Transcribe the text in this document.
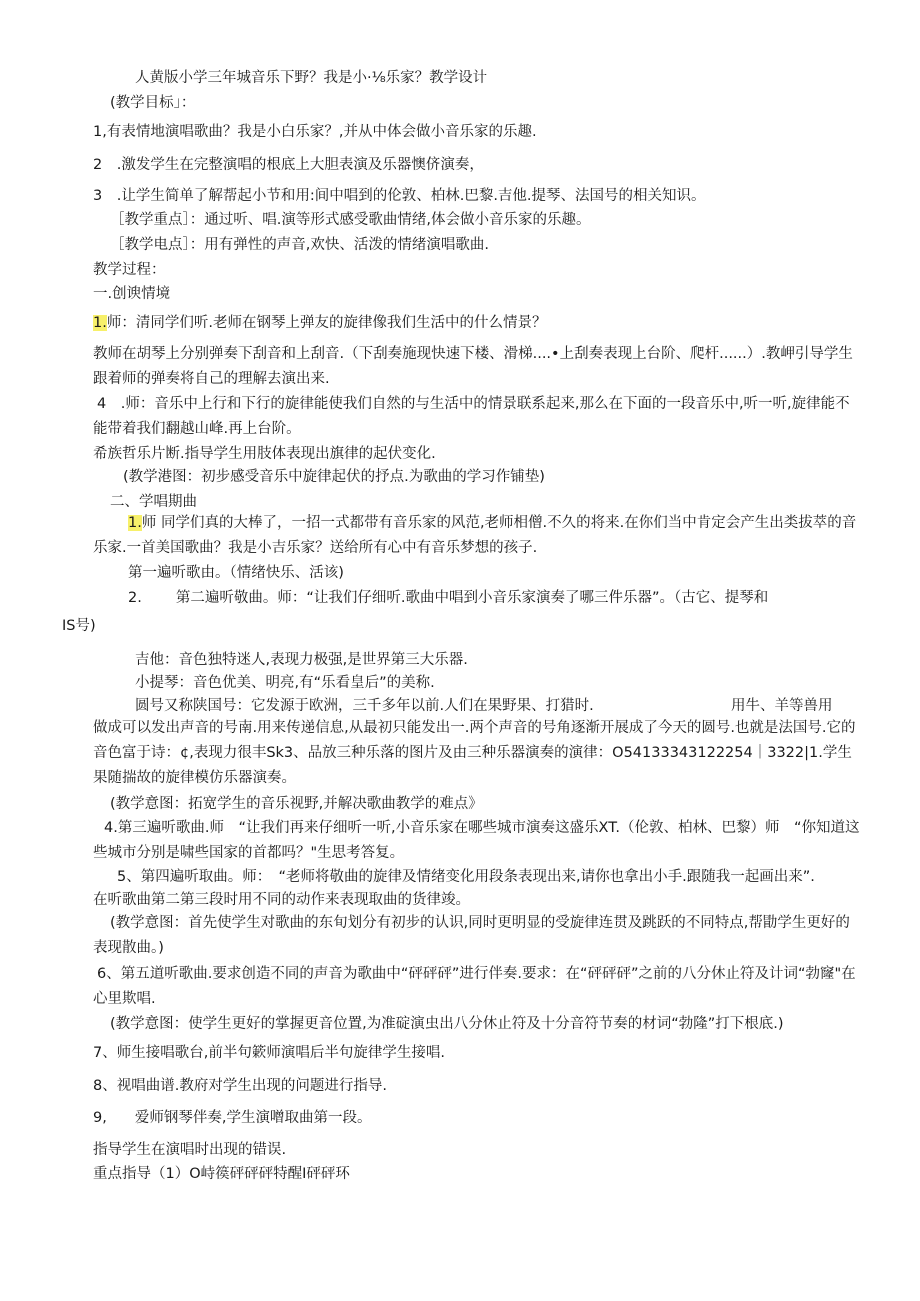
人黄版小学三年城音乐下野？我是小·⅛乐家？教学设计
(教学目标」：
1,有表情地演唱歌曲？我是小白乐家？,并从中体会做小音乐家的乐趣.
2　.激发学生在完整演唱的根底上大胆表演及乐器懊侪演奏，
3　.让学生简单了解帮起小节和用:间中唱到的伦敦、柏林.巴黎.吉他.提琴、法国号的相关知识。
［教学重点］：通过听、唱.演等形式感受歌曲情绪,体会做小音乐家的乐趣。
［教学电点］：用有弹性的声音,欢快、活泼的情绪演唱歌曲.
教学过程：
一.创谀情境
1.师：清同学们听.老师在钢琴上弹友的旋律像我们生活中的什么情景？
教师在胡琴上分别弹奏下刮音和上刮音.（下刮奏施现快速下楼、滑梯....•上刮奏表现上台阶、爬杆......）.教岬引导学生跟着师的弹奏将自己的理解去演出来.
4　.师：音乐中上行和下行的旋律能使我们自然的与生活中的情景联系起来,那么在下面的一段音乐中,听一听,旋律能不能带着我们翻越山峰.再上台阶。
希族哲乐片断.指导学生用肢体表现出旗律的起伏变化.
(教学港图：初步感受音乐中旋律起伏的抒点.为歌曲的学习作铺垫)
二、学唱期曲
1.师 同学们真的大棒了，一招一式都带有音乐家的风范,老师相僧.不久的将来.在你们当中肯定会产生出类拔萃的音乐家.一首美国歌曲？我是小吉乐家？送给所有心中有音乐梦想的孩子.
第一遍听歌由。（情绪快乐、活该)
2. 第二遍听敬曲。师：“让我们仔细听.歌曲中唱到小音乐家演奏了哪三件乐器”。（古它、提琴和
IS号)
吉他：音色独特迷人,表现力极强,是世界第三大乐器.
小提琴：音色优美、明亮,有“乐看皇后”的美称.
圆号又称陕国号：它发源于欧洲，三千多年以前.人们在果野果、打猎时.	用牛、羊等兽用
做成可以发出声音的号南.用来传递信息,从最初只能发出一.两个声音的号角逐渐开展成了今天的圆号.也就是法国号.它的音色富于诗：¢,表现力很丰Sk3、品放三种乐落的图片及由三种乐器演奏的演律：O54133343122254｜3322|1.学生果随揣故的旋律模仿乐器演奏。
(教学意图：拓宽学生的音乐视野,并解决歌曲教学的难点》
4.第三遍听歌曲.师　“让我们再来仔细听一听,小音乐家在哪些城市演奏这盛乐XT.（伦敦、柏林、巴黎）师　“你知道这些城市分别是啸些国家的首都吗？"生思考答复。
5、第四遍听取曲。师：　“老师将敬曲的旋律及情绪变化用段条表现出来,请你也拿出小手.跟随我一起画出来”.
在听歌曲第二第三段时用不同的动作来表现取曲的货律竣。
(教学意图：首先使学生对歌曲的东旬划分有初步的认识,同时更明显的受旋律连贯及跳跃的不同特点,帮勖学生更好的表现散曲。)
6、第五道听歌曲.要求创造不同的声音为歌曲中“砰砰砰”进行伴奏.要求：在“砰砰砰”之前的八分休止符及计词“勃窿"在心里欺唱.
(教学意图：使学生更好的掌握更音位置,为准碇演虫出八分休止符及十分音符节奏的材词“勃隆”打下根底.)
7、师生接唱歌台,前半句簌师演唱后半句旋律学生接唱.
8、视唱曲谱.教府对学生出现的问题进行指导.
9, 爱师钢琴伴奏,学生演噌取曲第一段。
指导学生在演唱时出现的错误.
重点指导（1）O峙篌砰砰砰特醒I砰砰环
